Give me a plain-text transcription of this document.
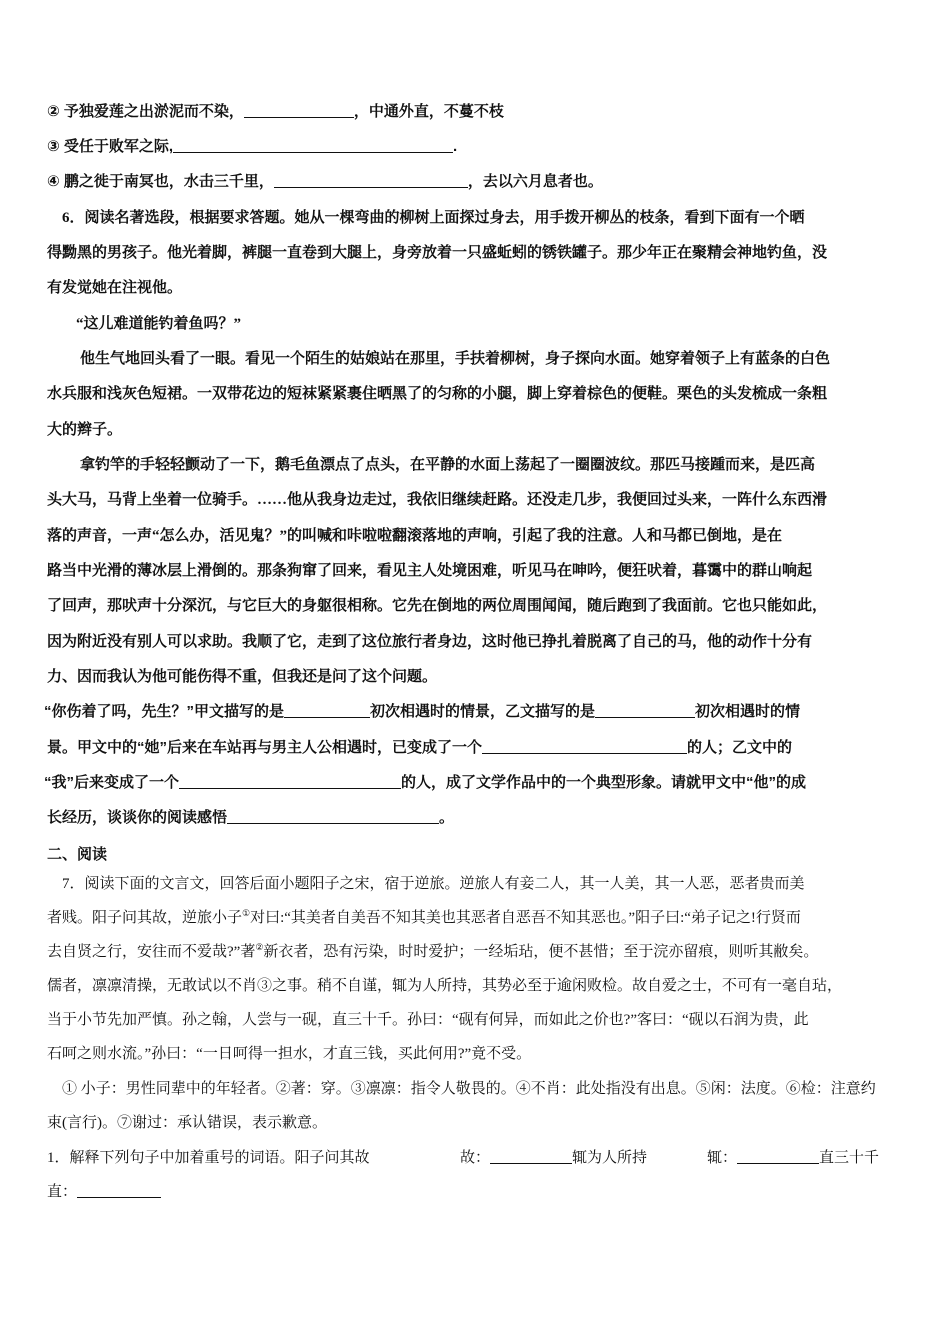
② 予独爱莲之出淤泥而不染，	，中通外直，不蔓不枝
③ 受任于败军之际,	.
④ 鹏之徙于南冥也，水击三千里，	，去以六月息者也。
6．阅读名著选段，根据要求答题。她从一棵弯曲的柳树上面探过身去，用手拨开柳丛的枝条，看到下面有一个晒
得黝黑的男孩子。他光着脚，裤腿一直卷到大腿上，身旁放着一只盛蚯蚓的锈铁罐子。那少年正在聚精会神地钓鱼，没
有发觉她在注视他。
“这儿难道能钓着鱼吗？”
他生气地回头看了一眼。看见一个陌生的姑娘站在那里，手扶着柳树，身子探向水面。她穿着领子上有蓝条的白色
水兵服和浅灰色短裙。一双带花边的短袜紧紧裹住晒黑了的匀称的小腿，脚上穿着棕色的便鞋。栗色的头发梳成一条粗
大的辫子。
拿钓竿的手轻轻颤动了一下，鹅毛鱼漂点了点头，在平静的水面上荡起了一圈圈波纹。那匹马接踵而来，是匹高
头大马，马背上坐着一位骑手。……他从我身边走过，我依旧继续赶路。还没走几步，我便回过头来，一阵什么东西滑
落的声音，一声“怎么办，活见鬼？”的叫喊和咔啦啦翻滚落地的声响，引起了我的注意。人和马都已倒地，是在
路当中光滑的薄冰层上滑倒的。那条狗窜了回来，看见主人处境困难，听见马在呻吟，便狂吠着，暮霭中的群山响起
了回声，那吠声十分深沉，与它巨大的身躯很相称。它先在倒地的两位周围闻闻，随后跑到了我面前。它也只能如此，
因为附近没有别人可以求助。我顺了它，走到了这位旅行者身边，这时他已挣扎着脱离了自己的马，他的动作十分有
力、因而我认为他可能伤得不重，但我还是问了这个问题。
“你伤着了吗，先生？”甲文描写的是	初次相遇时的情景，乙文描写的是	初次相遇时的情
景。甲文中的“她”后来在车站再与男主人公相遇时，已变成了一个	的人；乙文中的
“我”后来变成了一个	的人，成了文学作品中的一个典型形象。请就甲文中“他”的成
长经历，谈谈你的阅读感悟	。
二、阅读
7．阅读下面的文言文，回答后面小题阳子之宋，宿于逆旅。逆旅人有妾二人，其一人美，其一人恶，恶者贵而美
者贱。阳子问其故，逆旅小子①对曰:“其美者自美吾不知其美也其恶者自恶吾不知其恶也。”阳子曰:“弟子记之!行贤而
去自贤之行，安往而不爱哉?”著②新衣者，恐有污染，时时爱护；一经垢玷，便不甚惜；至于浣亦留痕，则听其敝矣。
儒者，凛凛清操，无敢试以不肖③之事。稍不自谨，辄为人所持，其势必至于逾闲败检。故自爱之士，不可有一毫自玷，
当于小节先加严慎。孙之翰，人尝与一砚，直三十千。孙曰：“砚有何异，而如此之价也?”客曰：“砚以石润为贵，此
石呵之则水流。”孙曰：“一日呵得一担水，才直三钱，买此何用?”竟不受。
① 小子：男性同辈中的年轻者。②著：穿。③凛凛：指令人敬畏的。④不肖：此处指没有出息。⑤闲：法度。⑥检：注意约
束(言行)。⑦谢过：承认错误，表示歉意。
1．解释下列句子中加着重号的词语。阳子问其故	故：	辄为人所持	辄：	直三十千
直：
